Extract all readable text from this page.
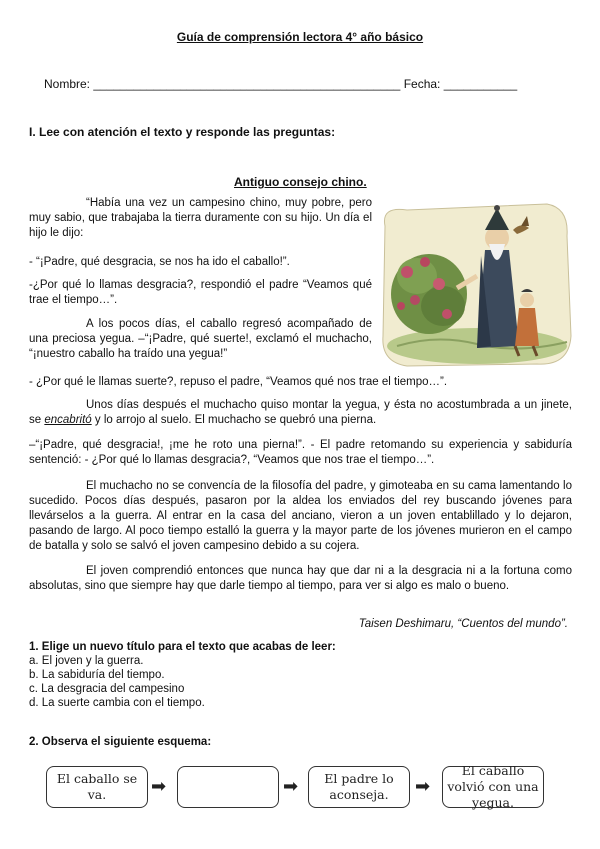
Guía de comprensión lectora 4° año básico
Nombre: ______________________________________________ Fecha: ___________
I. Lee con atención el texto y responde las preguntas:
Antiguo consejo chino.
“Había una vez un campesino chino, muy pobre, pero muy sabio, que trabajaba la tierra duramente con su hijo. Un día el hijo le dijo:
- “¡Padre, qué desgracia, se nos ha ido el caballo!”.
-¿Por qué lo llamas desgracia?, respondió el padre “Veamos qué trae el tiempo…”.
A los pocos días, el caballo regresó acompañado de una preciosa yegua. –“¡Padre, qué suerte!, exclamó el muchacho, “¡nuestro caballo ha traído una yegua!”
- ¿Por qué le llamas suerte?, repuso el padre, “Veamos qué nos trae el tiempo…”.
Unos días después el muchacho quiso montar la yegua, y ésta no acostumbrada a un jinete, se encabritó y lo arrojo al suelo. El muchacho se quebró una pierna.
–“¡Padre, qué desgracia!, ¡me he roto una pierna!”. - El padre retomando su experiencia y sabiduría sentenció: - ¿Por qué lo llamas desgracia?, “Veamos que nos trae el tiempo…”.
El muchacho no se convencía de la filosofía del padre, y gimoteaba en su cama lamentando lo sucedido. Pocos días después, pasaron por la aldea los enviados del rey buscando jóvenes para llevárselos a la guerra. Al entrar en la casa del anciano, vieron a un joven entablillado y lo dejaron, pasando de largo. Al poco tiempo estalló la guerra y la mayor parte de los jóvenes murieron en el campo de batalla y solo se salvó el joven campesino debido a su cojera.
El joven comprendió entonces que nunca hay que dar ni a la desgracia ni a la fortuna como absolutas, sino que siempre hay que darle tiempo al tiempo, para ver si algo es malo o bueno.
Taisen Deshimaru, “Cuentos del mundo”.
1. Elige un nuevo título para el texto que acabas de leer:
a. El joven y la guerra.
b. La sabiduría del tiempo.
c. La desgracia del campesino
d. La suerte cambia con el tiempo.
2. Observa el siguiente esquema:
El caballo se va.	➡	➡	El padre lo aconseja.	➡
El caballo volvió con una yegua.
